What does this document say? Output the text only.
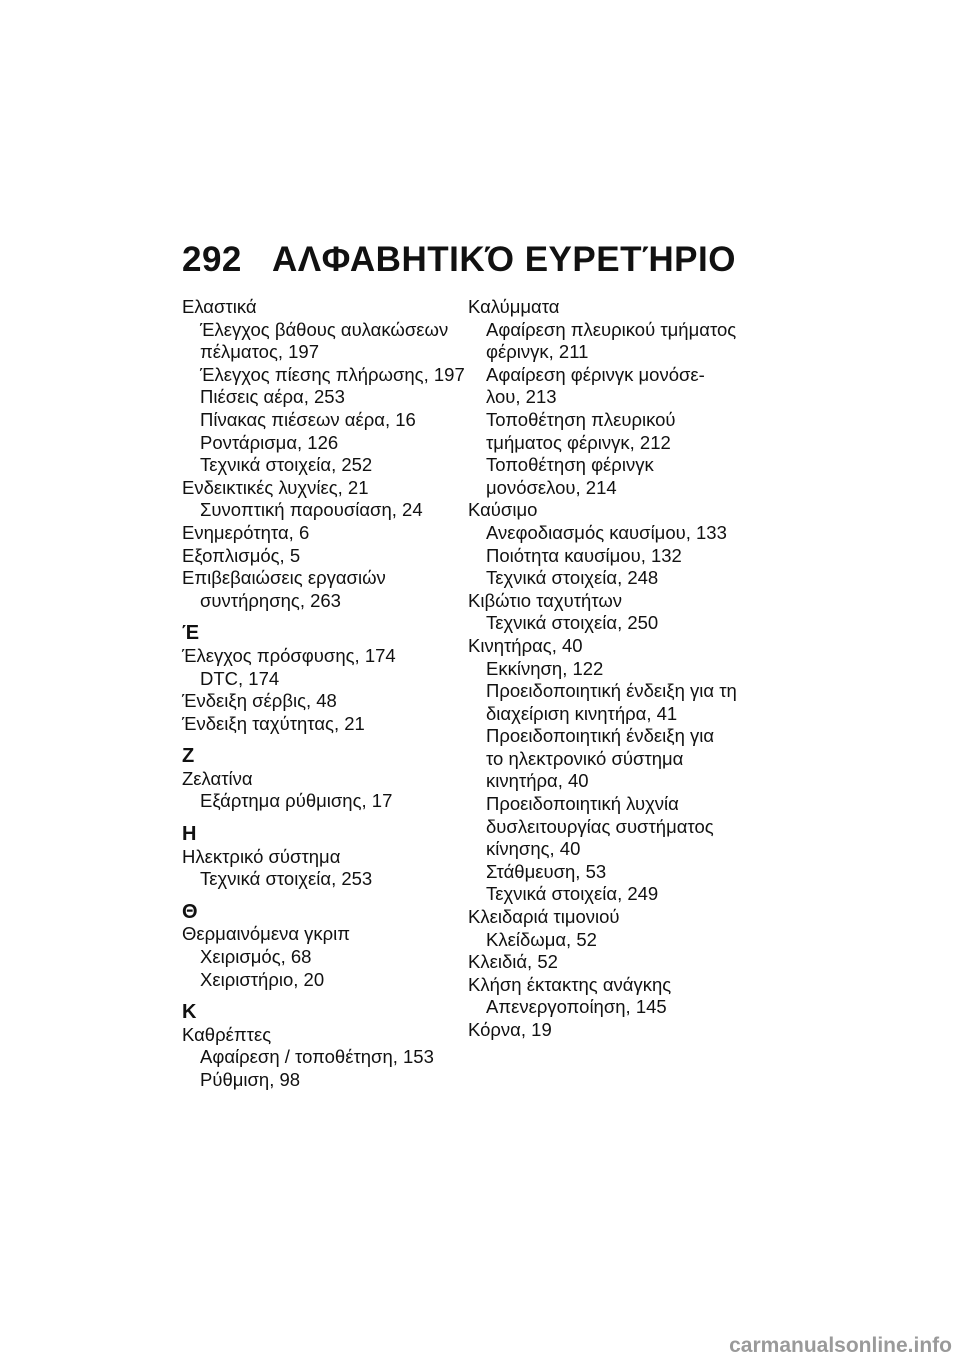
292 ΑΛΦΑΒΗΤΙΚΌ ΕΥΡΕΤΉΡΙΟ
Ελαστικά
Έλεγχος βάθους αυλακώσεων
πέλματος, 197
Έλεγχος πίεσης πλήρωσης, 197
Πιέσεις αέρα, 253
Πίνακας πιέσεων αέρα, 16
Ροντάρισμα, 126
Τεχνικά στοιχεία, 252
Ενδεικτικές λυχνίες, 21
Συνοπτική παρουσίαση, 24
Ενημερότητα, 6
Εξοπλισμός, 5
Επιβεβαιώσεις εργασιών
συντήρησης, 263
Έ
Έλεγχος πρόσφυσης, 174
DTC, 174
Ένδειξη σέρβις, 48
Ένδειξη ταχύτητας, 21
Ζ
Ζελατίνα
Εξάρτημα ρύθμισης, 17
Η
Ηλεκτρικό σύστημα
Τεχνικά στοιχεία, 253
Θ
Θερμαινόμενα γκριπ
Χειρισμός, 68
Χειριστήριο, 20
Κ
Καθρέπτες
Αφαίρεση / τοποθέτηση, 153
Ρύθμιση, 98
Καλύμματα
Αφαίρεση πλευρικού τμήματος
φέρινγκ, 211
Αφαίρεση φέρινγκ μονόσε-
λου, 213
Τοποθέτηση πλευρικού
τμήματος φέρινγκ, 212
Τοποθέτηση φέρινγκ
μονόσελου, 214
Καύσιμο
Ανεφοδιασμός καυσίμου, 133
Ποιότητα καυσίμου, 132
Τεχνικά στοιχεία, 248
Κιβώτιο ταχυτήτων
Τεχνικά στοιχεία, 250
Κινητήρας, 40
Εκκίνηση, 122
Προειδοποιητική ένδειξη για τη
διαχείριση κινητήρα, 41
Προειδοποιητική ένδειξη για
το ηλεκτρονικό σύστημα
κινητήρα, 40
Προειδοποιητική λυχνία
δυσλειτουργίας συστήματος
κίνησης, 40
Στάθμευση, 53
Τεχνικά στοιχεία, 249
Κλειδαριά τιμονιού
Κλείδωμα, 52
Κλειδιά, 52
Κλήση έκτακτης ανάγκης
Απενεργοποίηση, 145
Κόρνα, 19
carmanualsonline.info
